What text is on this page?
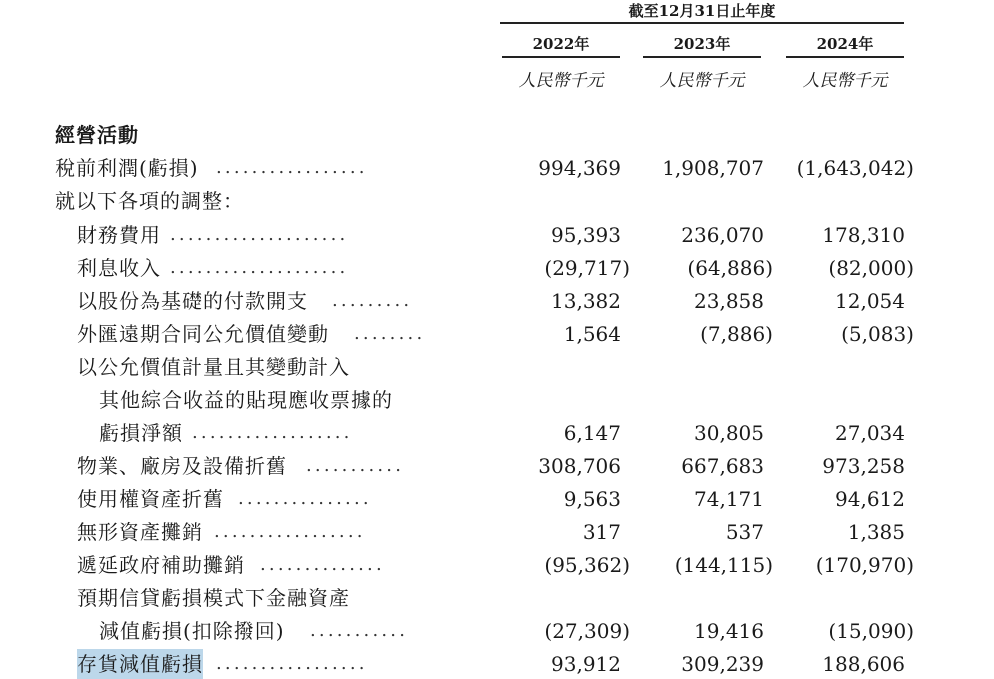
截至12月31日止年度
2022年	2023年	2024年
人民幣千元	人民幣千元	人民幣千元
經營活動
稅前利潤(虧損) .................	994,369 1,908,707 (1,643,042)
就以下各項的調整：
財務費用 ....................	95,393	236,070	178,310
利息收入 ....................	(29,717)	(64,886)	(82,000)
以股份為基礎的付款開支 .........	13,382	23,858	12,054
外匯遠期合同公允價值變動 ........	1,564	(7,886)	(5,083)
以公允價值計量且其變動計入
其他綜合收益的貼現應收票據的
虧損淨額 ..................	6,147	30,805	27,034
物業、廠房及設備折舊 ...........	308,706	667,683	973,258
使用權資產折舊 ...............	9,563	74,171	94,612
無形資產攤銷 .................	317	537	1,385
遞延政府補助攤銷 ..............	(95,362) (144,115) (170,970)
預期信貸虧損模式下金融資產
減值虧損(扣除撥回) ...........	(27,309)	19,416	(15,090)
存貨減值虧損 .................	93,912	309,239	188,606
